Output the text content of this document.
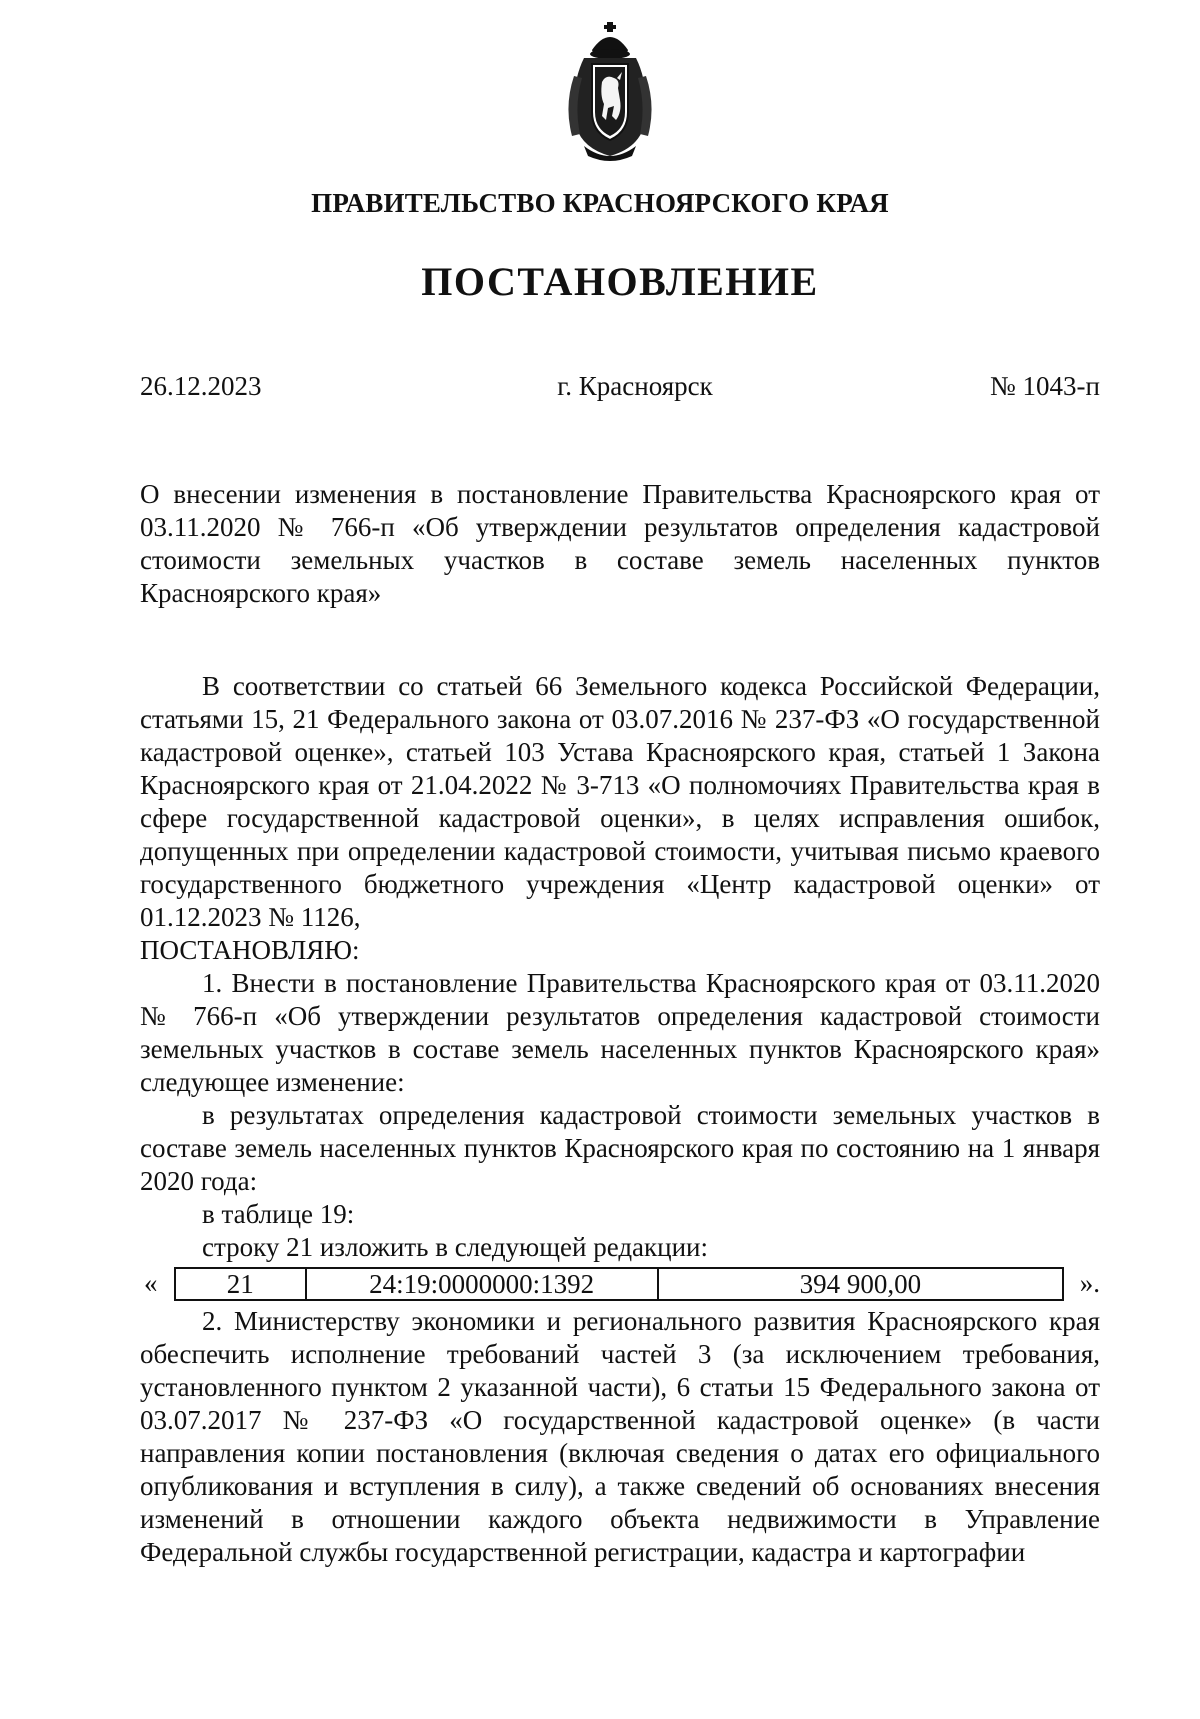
ПРАВИТЕЛЬСТВО КРАСНОЯРСКОГО КРАЯ
ПОСТАНОВЛЕНИЕ
26.12.2023	г. Красноярск	№ 1043-п

О внесении изменения в постановление Правительства Красноярского края от 03.11.2020 № 766-п «Об утверждении результатов определения кадастровой стоимости земельных участков в составе земель населенных пунктов Красноярского края»

В соответствии со статьей 66 Земельного кодекса Российской Федерации, статьями 15, 21 Федерального закона от 03.07.2016 № 237-ФЗ «О государственной кадастровой оценке», статьей 103 Устава Красноярского края, статьей 1 Закона Красноярского края от 21.04.2022 № 3-713 «О полномочиях Правительства края в сфере государственной кадастровой оценки», в целях исправления ошибок, допущенных при определении кадастровой стоимости, учитывая письмо краевого государственного бюджетного учреждения «Центр кадастровой оценки» от 01.12.2023 № 1126,

ПОСТАНОВЛЯЮ:

1. Внести в постановление Правительства Красноярского края от 03.11.2020 № 766-п «Об утверждении результатов определения кадастровой стоимости земельных участков в составе земель населенных пунктов Красноярского края» следующее изменение:

в результатах определения кадастровой стоимости земельных участков в составе земель населенных пунктов Красноярского края по состоянию на 1 января 2020 года:

в таблице 19:

строку 21 изложить в следующей редакции:

«	21	24:19:0000000:1392	394 900,00	».

2. Министерству экономики и регионального развития Красноярского края обеспечить исполнение требований частей 3 (за исключением требования, установленного пунктом 2 указанной части), 6 статьи 15 Федерального закона от 03.07.2017 № 237-ФЗ «О государственной кадастровой оценке» (в части направления копии постановления (включая сведения о датах его официального опубликования и вступления в силу), а также сведений об основаниях внесения изменений в отношении каждого объекта недвижимости в Управление Федеральной службы государственной регистрации, кадастра и картографии
